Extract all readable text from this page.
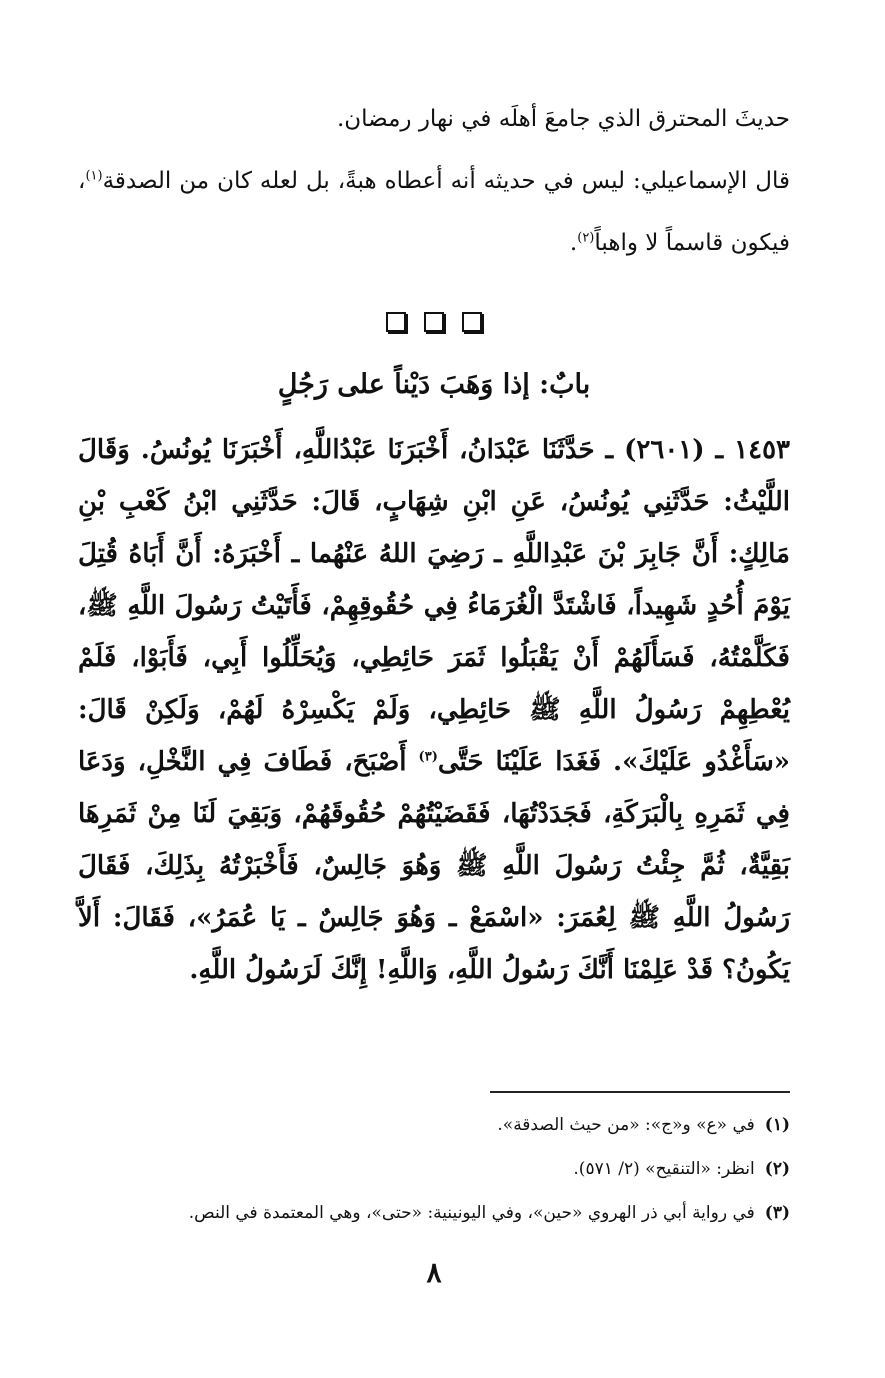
حديثَ المحترق الذي جامعَ أهلَه في نهار رمضان.

قال الإسماعيلي: ليس في حديثه أنه أعطاه هبةً، بل لعله كان من الصدقة$^{(١)}$، فيكون قاسماً لا واهباً$^{(٢)}$.

بابٌ: إذا وَهَبَ دَيْناً على رَجُلٍ
١٤٥٣ ـ (٢٦٠١) ـ حَدَّثَنَا عَبْدَانُ، أَخْبَرَنَا عَبْدُاللَّهِ، أَخْبَرَنَا يُونُسُ. وَقَالَ اللَّيْثُ: حَدَّثَنِي يُونُسُ، عَنِ ابْنِ شِهَابٍ، قَالَ: حَدَّثَنِي ابْنُ كَعْبِ بْنِ مَالِكٍ: أَنَّ جَابِرَ بْنَ عَبْدِاللَّهِ ـ رَضِيَ اللهُ عَنْهُما ـ أَخْبَرَهُ: أَنَّ أَبَاهُ قُتِلَ يَوْمَ أُحُدٍ شَهِيداً، فَاشْتَدَّ الْغُرَمَاءُ فِي حُقُوقِهِمْ، فَأَتَيْتُ رَسُولَ اللَّهِ ﷺ، فَكَلَّمْتُهُ، فَسَأَلَهُمْ أَنْ يَقْبَلُوا ثَمَرَ حَائِطِي، وَيُحَلِّلُوا أَبِي، فَأَبَوْا، فَلَمْ يُعْطِهِمْ رَسُولُ اللَّهِ ﷺ حَائِطِي، وَلَمْ يَكْسِرْهُ لَهُمْ، وَلَكِنْ قَالَ: «سَأَغْدُو عَلَيْكَ». فَغَدَا عَلَيْنَا حَتَّى$^{(٣)}$ أَصْبَحَ، فَطَافَ فِي النَّخْلِ، وَدَعَا فِي ثَمَرِهِ بِالْبَرَكَةِ، فَجَدَدْتُهَا، فَقَضَيْتُهُمْ حُقُوقَهُمْ، وَبَقِيَ لَنَا مِنْ ثَمَرِهَا بَقِيَّةٌ، ثُمَّ جِئْتُ رَسُولَ اللَّهِ ﷺ وَهُوَ جَالِسٌ، فَأَخْبَرْتُهُ بِذَلِكَ، فَقَالَ رَسُولُ اللَّهِ ﷺ لِعُمَرَ: «اسْمَعْ ـ وَهُوَ جَالِسٌ ـ يَا عُمَرُ»، فَقَالَ: أَلاَّ يَكُونُ؟ قَدْ عَلِمْنَا أَنَّكَ رَسُولُ اللَّهِ، وَاللَّهِ! إِنَّكَ لَرَسُولُ اللَّهِ.
(١)
في «ع» و«ج»: «من حيث الصدقة».
(٢)
انظر: «التنقيح» (٢/ ٥٧١).
(٣)
في رواية أبي ذر الهروي «حين»، وفي اليونينية: «حتى»، وهي المعتمدة في النص.
٨
